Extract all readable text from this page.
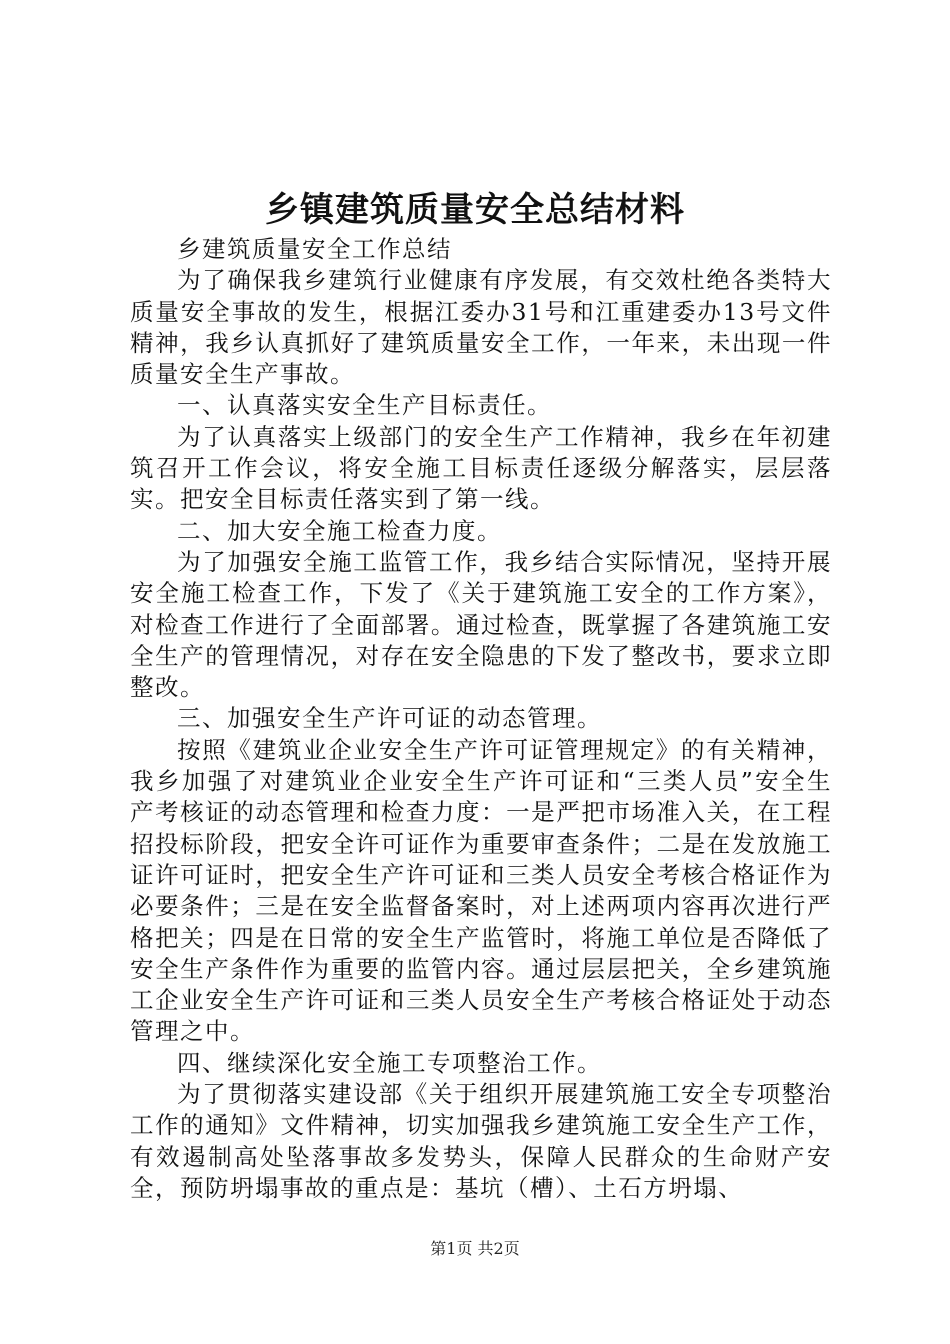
乡镇建筑质量安全总结材料

乡建筑质量安全工作总结

为了确保我乡建筑行业健康有序发展，有交效杜绝各类特大质量安全事故的发生，根据江委办31号和江重建委办13号文件精神，我乡认真抓好了建筑质量安全工作，一年来，未出现一件质量安全生产事故。

一、认真落实安全生产目标责任。

为了认真落实上级部门的安全生产工作精神，我乡在年初建筑召开工作会议，将安全施工目标责任逐级分解落实，层层落实。把安全目标责任落实到了第一线。

二、加大安全施工检查力度。

为了加强安全施工监管工作，我乡结合实际情况，坚持开展安全施工检查工作，下发了《关于建筑施工安全的工作方案》，对检查工作进行了全面部署。通过检查，既掌握了各建筑施工安全生产的管理情况，对存在安全隐患的下发了整改书，要求立即整改。

三、加强安全生产许可证的动态管理。

按照《建筑业企业安全生产许可证管理规定》的有关精神，我乡加强了对建筑业企业安全生产许可证和“三类人员”安全生产考核证的动态管理和检查力度：一是严把市场准入关，在工程招投标阶段，把安全许可证作为重要审查条件；二是在发放施工证许可证时，把安全生产许可证和三类人员安全考核合格证作为必要条件；三是在安全监督备案时，对上述两项内容再次进行严格把关；四是在日常的安全生产监管时，将施工单位是否降低了安全生产条件作为重要的监管内容。通过层层把关，全乡建筑施工企业安全生产许可证和三类人员安全生产考核合格证处于动态管理之中。

四、继续深化安全施工专项整治工作。

为了贯彻落实建设部《关于组织开展建筑施工安全专项整治工作的通知》文件精神，切实加强我乡建筑施工安全生产工作，有效遏制高处坠落事故多发势头，保障人民群众的生命财产安全，预防坍塌事故的重点是：基坑（槽）、土石方坍塌、

第1页 共2页
